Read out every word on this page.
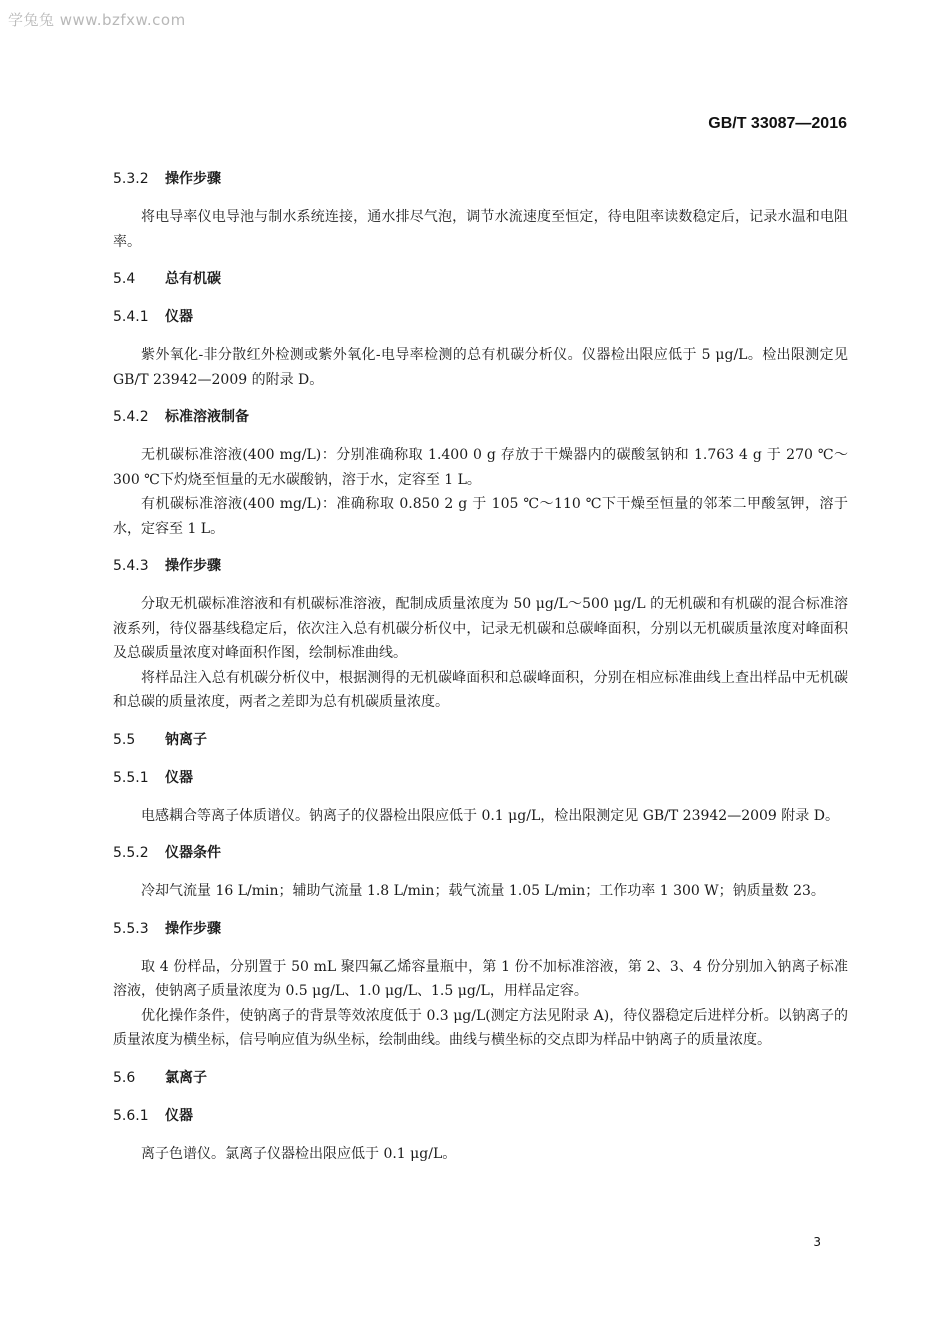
学兔兔 www.bzfxw.com
GB/T 33087—2016
5.3.2 操作步骤

将电导率仪电导池与制水系统连接，通水排尽气泡，调节水流速度至恒定，待电阻率读数稳定后，记录水温和电阻率。

5.4 总有机碳
5.4.1 仪器

紫外氧化-非分散红外检测或紫外氧化-电导率检测的总有机碳分析仪。仪器检出限应低于 5 μg/L。检出限测定见 GB/T 23942—2009 的附录 D。

5.4.2 标准溶液制备

无机碳标准溶液(400 mg/L)：分别准确称取 1.400 0 g 存放于干燥器内的碳酸氢钠和 1.763 4 g 于 270 ℃～300 ℃下灼烧至恒量的无水碳酸钠，溶于水，定容至 1 L。

有机碳标准溶液(400 mg/L)：准确称取 0.850 2 g 于 105 ℃～110 ℃下干燥至恒量的邻苯二甲酸氢钾，溶于水，定容至 1 L。

5.4.3 操作步骤

分取无机碳标准溶液和有机碳标准溶液，配制成质量浓度为 50 μg/L～500 μg/L 的无机碳和有机碳的混合标准溶液系列，待仪器基线稳定后，依次注入总有机碳分析仪中，记录无机碳和总碳峰面积，分别以无机碳质量浓度对峰面积及总碳质量浓度对峰面积作图，绘制标准曲线。

将样品注入总有机碳分析仪中，根据测得的无机碳峰面积和总碳峰面积，分别在相应标准曲线上查出样品中无机碳和总碳的质量浓度，两者之差即为总有机碳质量浓度。

5.5 钠离子
5.5.1 仪器

电感耦合等离子体质谱仪。钠离子的仪器检出限应低于 0.1 μg/L，检出限测定见 GB/T 23942—2009 附录 D。

5.5.2 仪器条件

冷却气流量 16 L/min；辅助气流量 1.8 L/min；载气流量 1.05 L/min；工作功率 1 300 W；钠质量数 23。

5.5.3 操作步骤

取 4 份样品，分别置于 50 mL 聚四氟乙烯容量瓶中，第 1 份不加标准溶液，第 2、3、4 份分别加入钠离子标准溶液，使钠离子质量浓度为 0.5 μg/L、1.0 μg/L、1.5 μg/L，用样品定容。

优化操作条件，使钠离子的背景等效浓度低于 0.3 μg/L(测定方法见附录 A)，待仪器稳定后进样分析。以钠离子的质量浓度为横坐标，信号响应值为纵坐标，绘制曲线。曲线与横坐标的交点即为样品中钠离子的质量浓度。

5.6 氯离子
5.6.1 仪器

离子色谱仪。氯离子仪器检出限应低于 0.1 μg/L。

3
